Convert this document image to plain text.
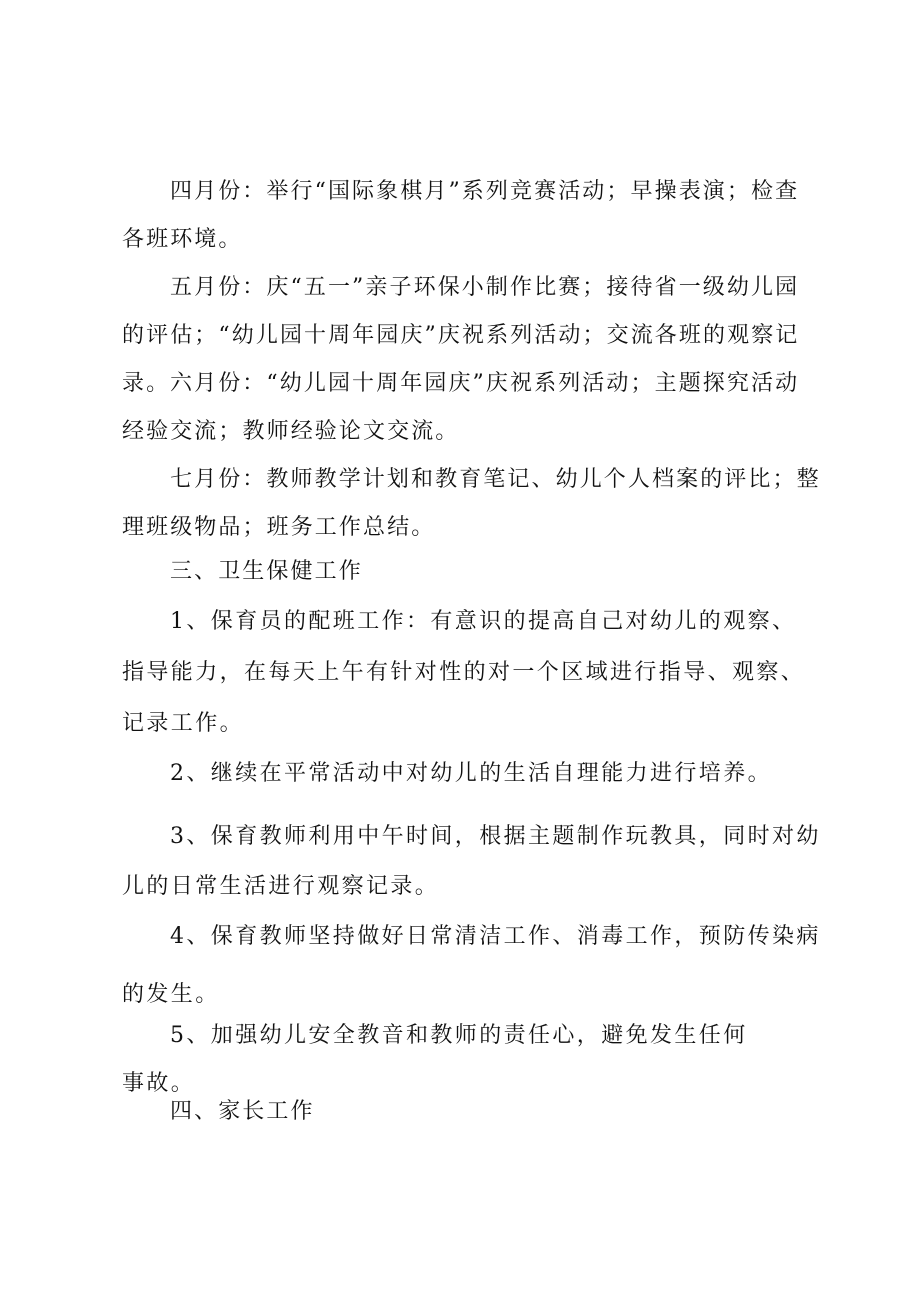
四月份：举行“国际象棋月”系列竞赛活动；早操表演；检查各班环境。

五月份：庆“五一”亲子环保小制作比赛；接待省一级幼儿园的评估；“幼儿园十周年园庆”庆祝系列活动；交流各班的观察记录。 六月份：“幼儿园十周年园庆”庆祝系列活动；主题探究活动经验交流；教师经验论文交流。

七月份：教师教学计划和教育笔记、幼儿个人档案的评比；整理班级物品；班务工作总结。

三、卫生保健工作

1、保育员的配班工作：有意识的提高自己对幼儿的观察、指导能力，在每天上午有针对性的对一个区域进行指导、观察、记录工作。

2、继续在平常活动中对幼儿的生活自理能力进行培养。

3、保育教师利用中午时间，根据主题制作玩教具，同时对幼儿的日常生活进行观察记录。

4、保育教师坚持做好日常清洁工作、消毒工作，预防传染病的发生。

5、加强幼儿安全教音和教师的责任心，避免发生任何事故。

四、家长工作
